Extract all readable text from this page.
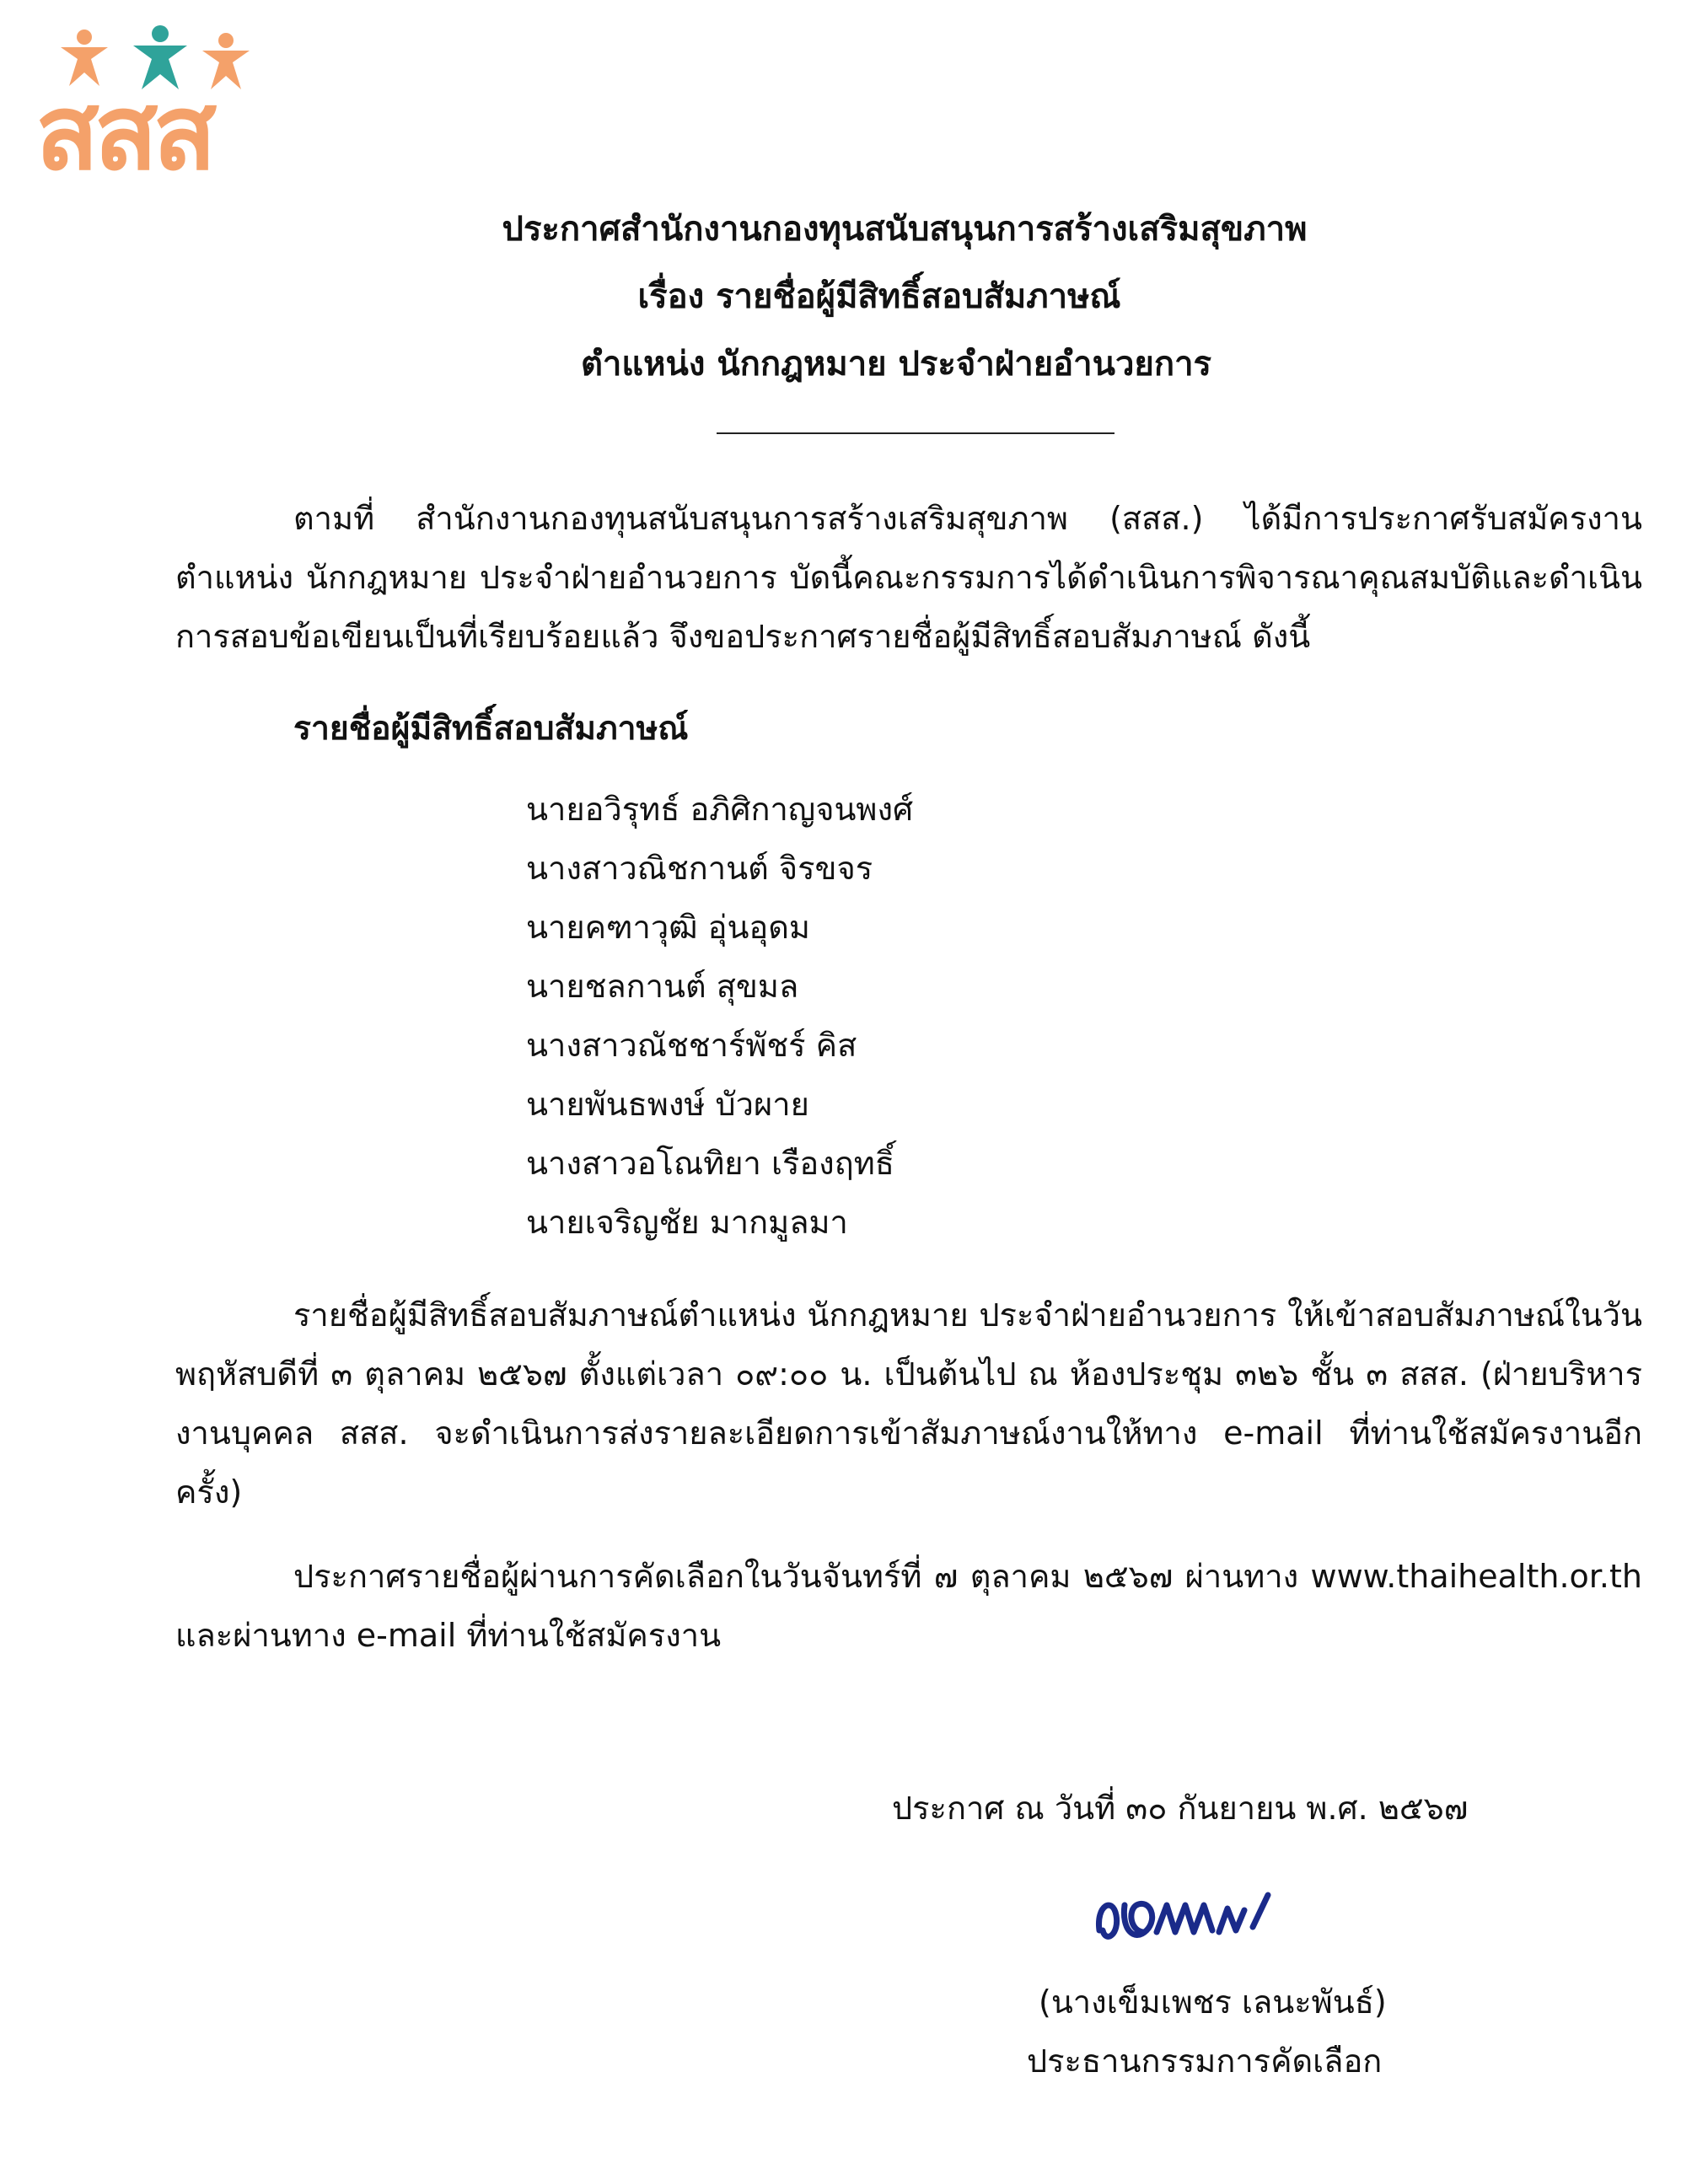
สสส
ประกาศสำนักงานกองทุนสนับสนุนการสร้างเสริมสุขภาพ
เรื่อง รายชื่อผู้มีสิทธิ์สอบสัมภาษณ์
ตำแหน่ง นักกฎหมาย ประจำฝ่ายอำนวยการ

ตามที่ สำนักงานกองทุนสนับสนุนการสร้างเสริมสุขภาพ (สสส.) ได้มีการประกาศรับสมัครงาน ตำแหน่ง นักกฎหมาย ประจำฝ่ายอำนวยการ บัดนี้คณะกรรมการได้ดำเนินการพิจารณาคุณสมบัติและดำเนินการสอบข้อเขียนเป็นที่เรียบร้อยแล้ว จึงขอประกาศรายชื่อผู้มีสิทธิ์สอบสัมภาษณ์ ดังนี้

รายชื่อผู้มีสิทธิ์สอบสัมภาษณ์
นายอวิรุทธ์ อภิศิกาญจนพงศ์
นางสาวณิชกานต์ จิรขจร
นายคฑาวุฒิ อุ่นอุดม
นายชลกานต์ สุขมล
นางสาวณัชชาร์พัชร์ คิส
นายพันธพงษ์ บัวผาย
นางสาวอโณทิยา เรืองฤทธิ์
นายเจริญชัย มากมูลมา

รายชื่อผู้มีสิทธิ์สอบสัมภาษณ์ตำแหน่ง นักกฎหมาย ประจำฝ่ายอำนวยการ ให้เข้าสอบสัมภาษณ์ในวันพฤหัสบดีที่ ๓ ตุลาคม ๒๕๖๗ ตั้งแต่เวลา ๐๙:๐๐ น. เป็นต้นไป ณ ห้องประชุม ๓๒๖ ชั้น ๓ สสส. (ฝ่ายบริหารงานบุคคล สสส. จะดำเนินการส่งรายละเอียดการเข้าสัมภาษณ์งานให้ทาง e-mail ที่ท่านใช้สมัครงานอีกครั้ง)

ประกาศรายชื่อผู้ผ่านการคัดเลือกในวันจันทร์ที่ ๗ ตุลาคม ๒๕๖๗ ผ่านทาง www.thaihealth.or.th และผ่านทาง e-mail ที่ท่านใช้สมัครงาน

ประกาศ ณ วันที่ ๓๐ กันยายน พ.ศ. ๒๕๖๗
(นางเข็มเพชร เลนะพันธ์)
ประธานกรรมการคัดเลือก
